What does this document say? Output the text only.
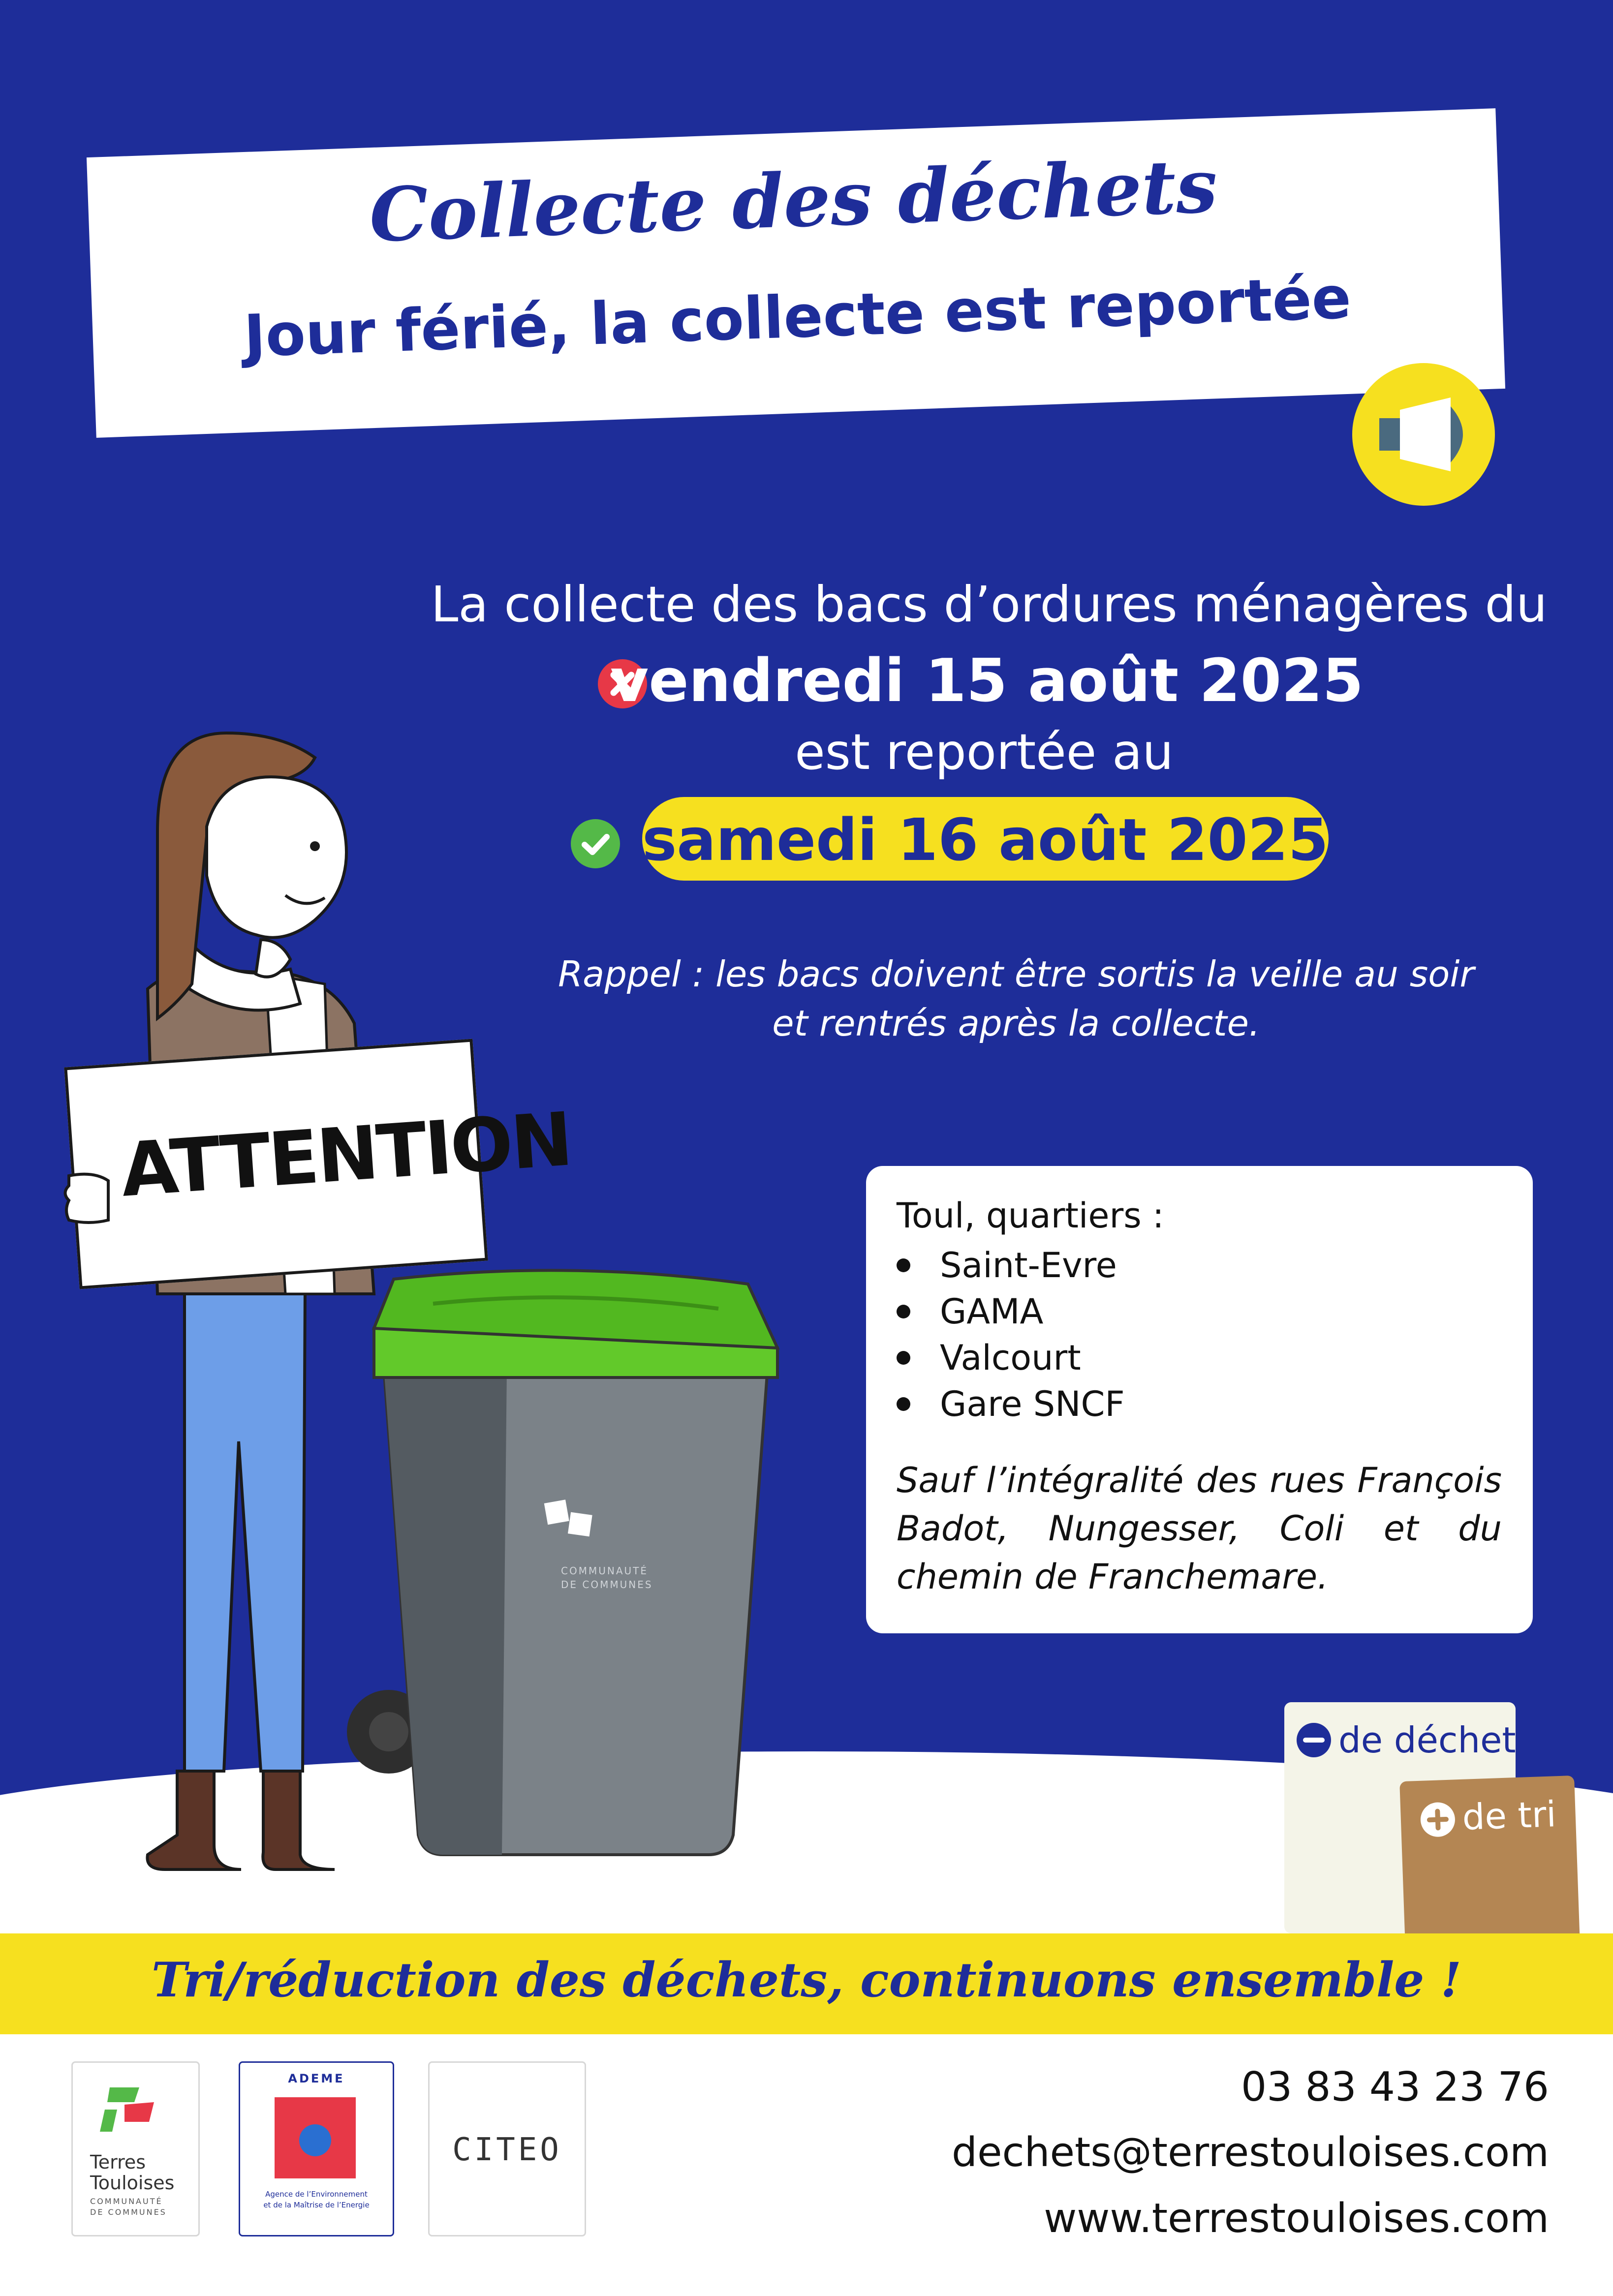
Collecte des déchets
Jour férié, la collecte est reportée
La collecte des bacs d’ordures ménagères du
vendredi 15 août 2025
est reportée au
samedi 16 août 2025
Rappel : les bacs doivent être sortis la veille au soir
et rentrés après la collecte.
ATTENTION
COMMUNAUTÉ
DE COMMUNES
Toul, quartiers :
Saint-Evre
GAMA
Valcourt
Gare SNCF
Sauf l’intégralité des rues François Badot, Nungesser, Coli et du chemin de Franchemare.
de déchets
de tri
Tri/réduction des déchets, continuons ensemble !
Terres
Touloises
COMMUNAUTÉ
DE COMMUNES
ADEME
Agence de l’Environnement
et de la Maîtrise de l’Energie
CITEO
03 83 43 23 76
dechets@terrestouloises.com
www.terrestouloises.com
